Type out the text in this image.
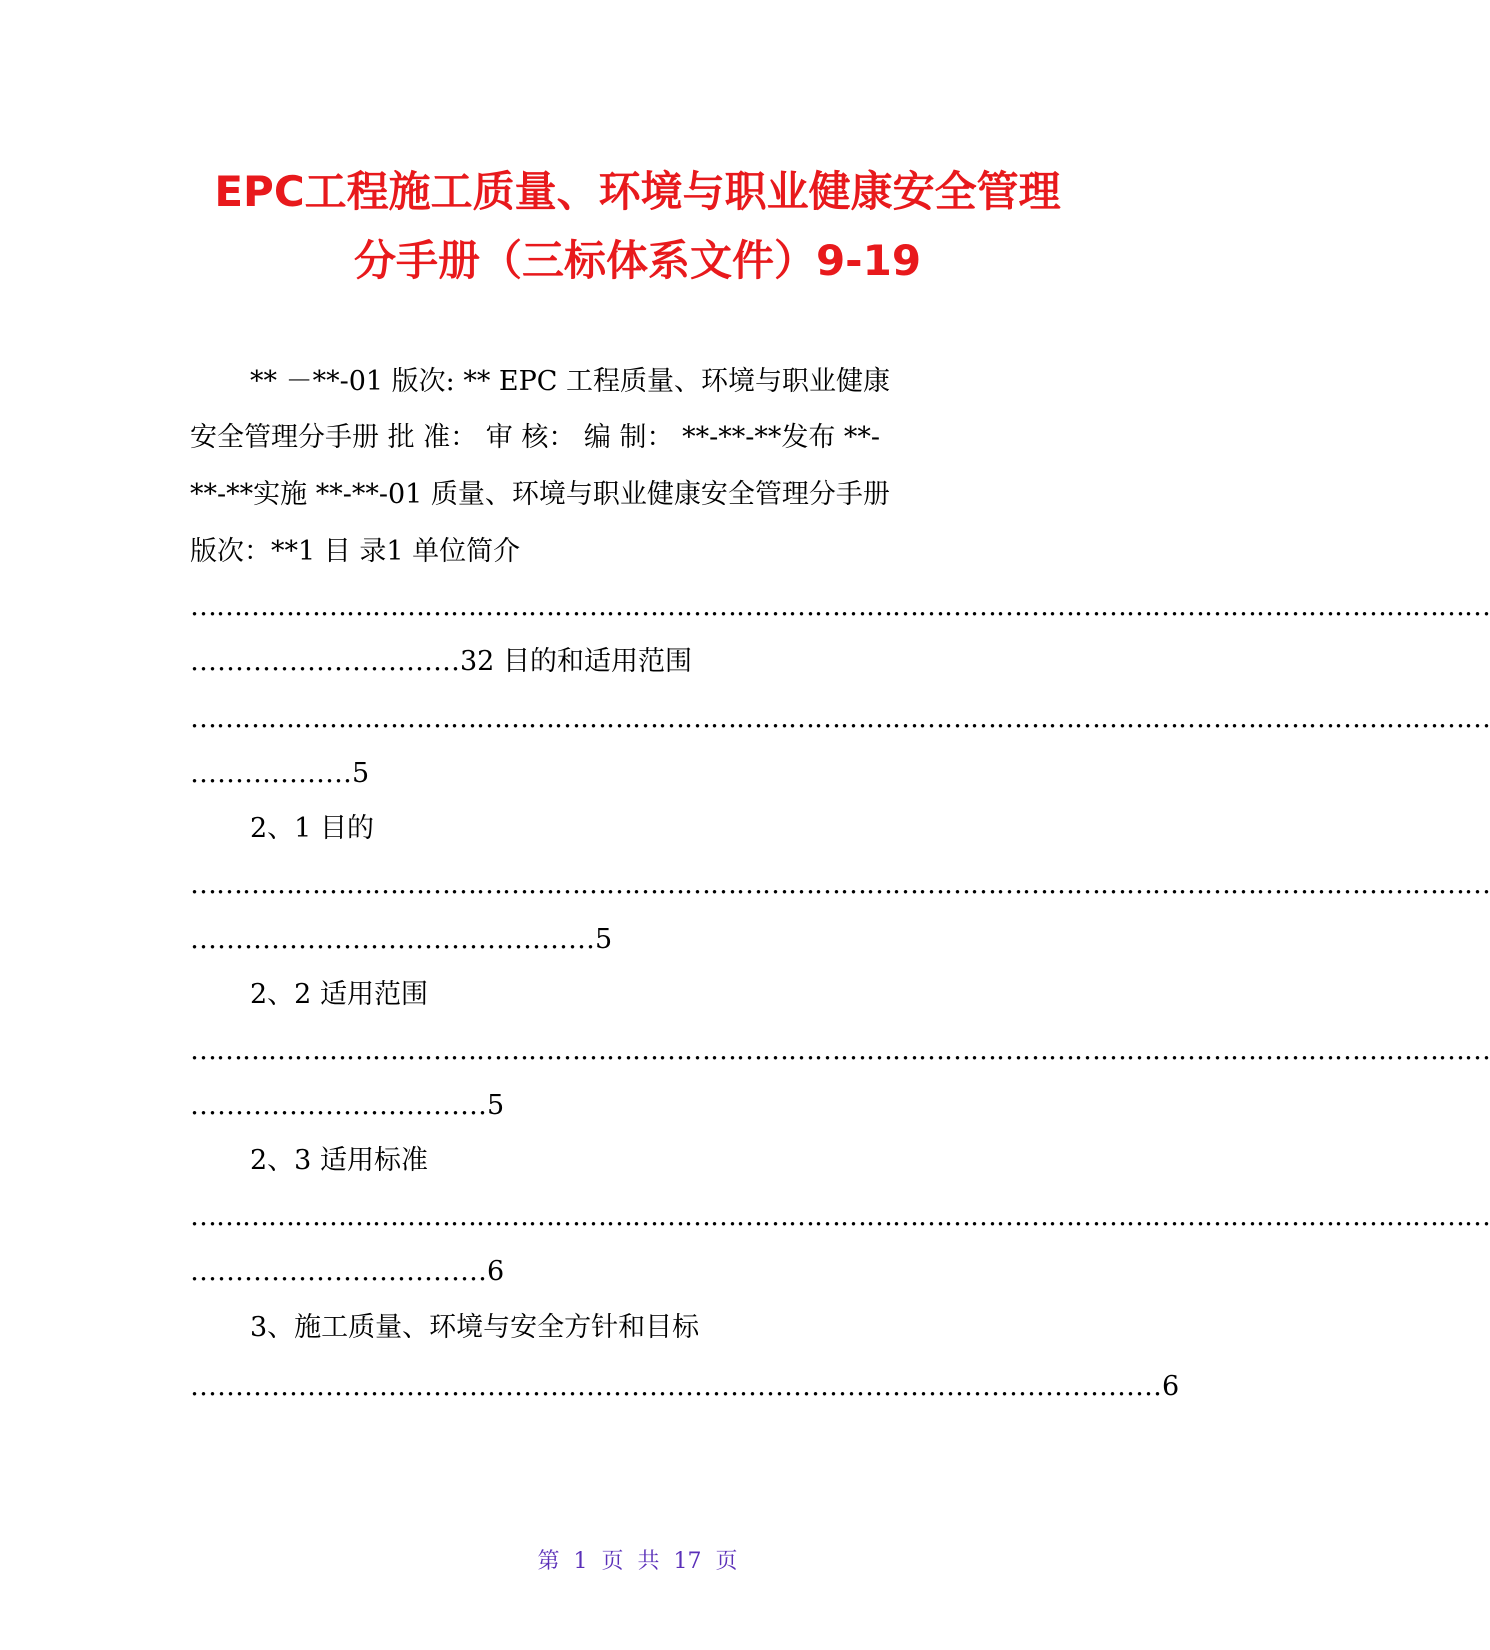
EPC工程施工质量、环境与职业健康安全管理
分手册（三标体系文件）9-19
** －**-01 版次: ** EPC 工程质量、环境与职业健康
安全管理分手册 批 准： 审 核： 编 制： **-**-**发布 **-
**-**实施 **-**-01 质量、环境与职业健康安全管理分手册
版次：**1 目 录1 单位简介
……………………………………………………………………………………………………………………………………
…………………………32 目的和适用范围
……………………………………………………………………………………………………………………………………
………………5
2、1 目的
……………………………………………………………………………………………………………………………………
………………………………………5
2、2 适用范围
……………………………………………………………………………………………………………………………………
……………………………5
2、3 适用标准
……………………………………………………………………………………………………………………………………
……………………………6
3、施工质量、环境与安全方针和目标
………………………………………………………………………………………………6
第  1  页  共  17  页
